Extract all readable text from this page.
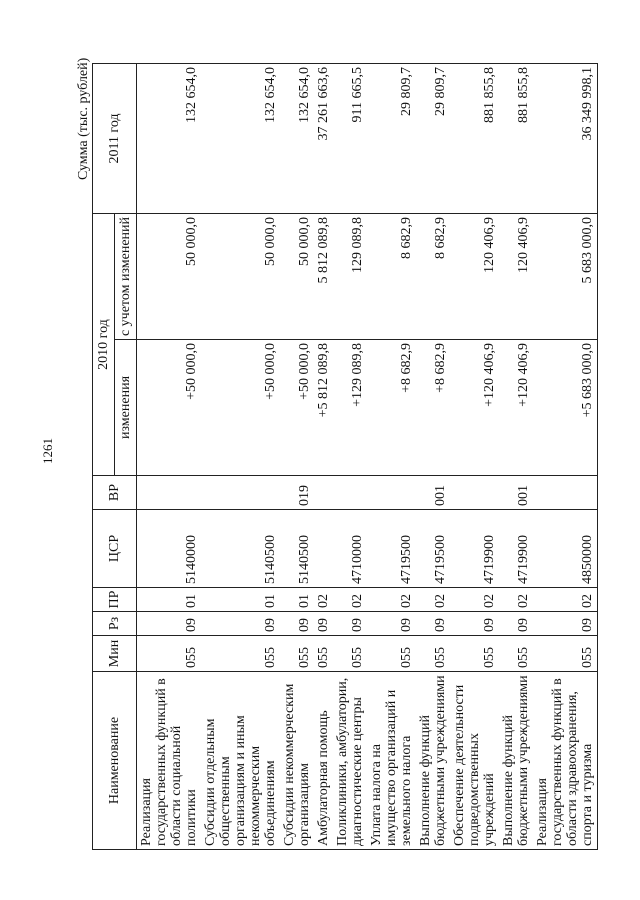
1261
Сумма (тыс. рублей)
Наименование	Мин	Рз	ПР	ЦСР	ВР	2010 год		2011 год
						изменения	с учетом изменений	
Реализация государственных функций в области социальной политики	055	09	01	5140000		+50 000,0	50 000,0	132 654,0
Субсидии отдельным общественным организациям и иным некоммерческим объединениям	055	09	01	5140500		+50 000,0	50 000,0	132 654,0
Субсидии некоммерческим организациям	055	09	01	5140500	019	+50 000,0	50 000,0	132 654,0
Амбулаторная помощь	055	09	02			+5 812 089,8	5 812 089,8	37 261 663,6
Поликлиники, амбулатории, диагностические центры	055	09	02	4710000		+129 089,8	129 089,8	911 665,5
Уплата налога на имущество организаций и земельного налога	055	09	02	4719500		+8 682,9	8 682,9	29 809,7
Выполнение функций бюджетными учреждениями	055	09	02	4719500	001	+8 682,9	8 682,9	29 809,7
Обеспечение деятельности подведомственных учреждений	055	09	02	4719900		+120 406,9	120 406,9	881 855,8
Выполнение функций бюджетными учреждениями	055	09	02	4719900	001	+120 406,9	120 406,9	881 855,8
Реализация государственных функций в области здравоохранения, спорта и туризма	055	09	02	4850000		+5 683 000,0	5 683 000,0	36 349 998,1
